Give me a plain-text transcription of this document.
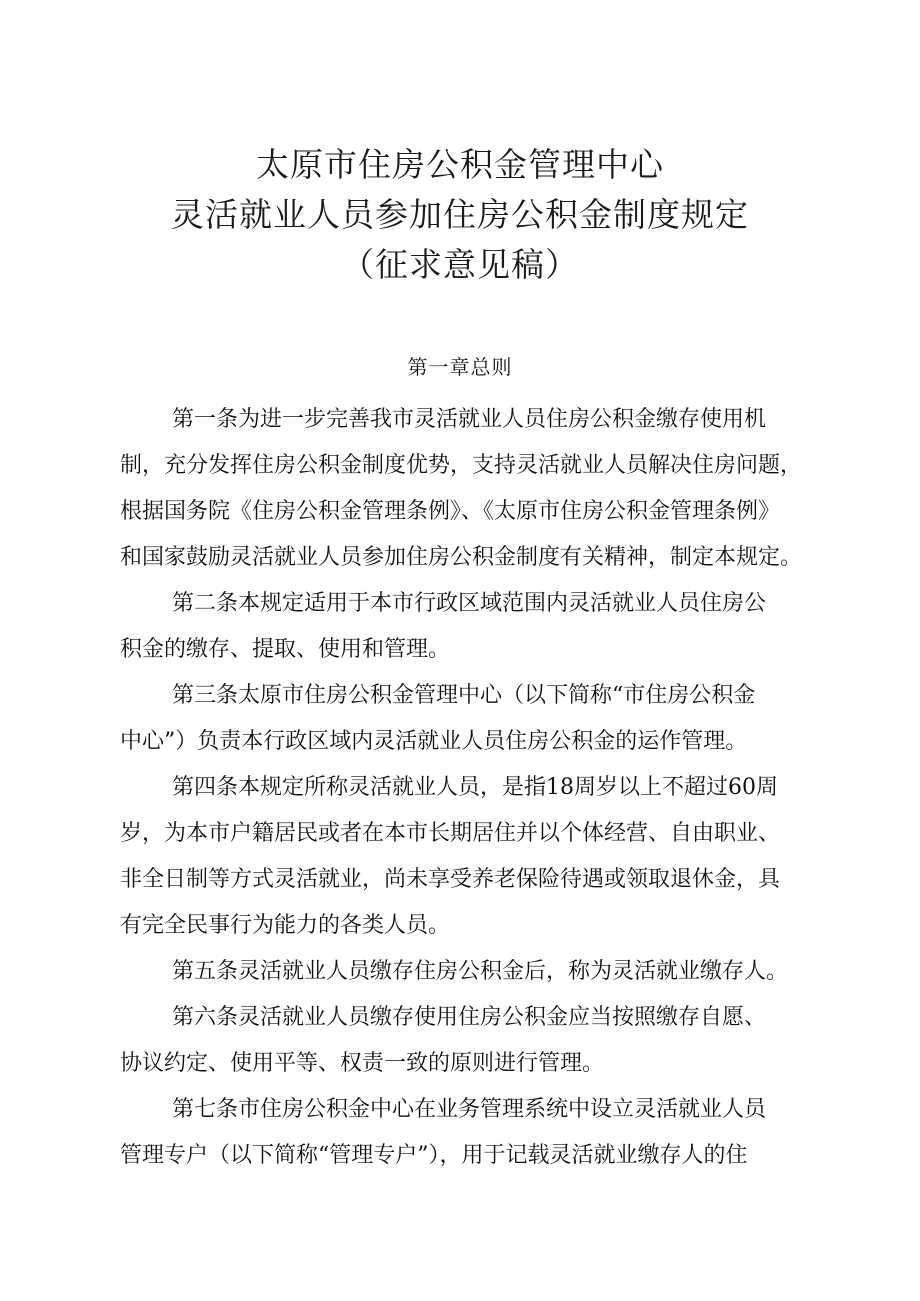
太原市住房公积金管理中心
灵活就业人员参加住房公积金制度规定
（征求意见稿）
第一章总则
第一条为进一步完善我市灵活就业人员住房公积金缴存使用机
制，充分发挥住房公积金制度优势，支持灵活就业人员解决住房问题，
根据国务院《住房公积金管理条例》、《太原市住房公积金管理条例》
和国家鼓励灵活就业人员参加住房公积金制度有关精神，制定本规定。
第二条本规定适用于本市行政区域范围内灵活就业人员住房公
积金的缴存、提取、使用和管理。
第三条太原市住房公积金管理中心（以下简称“市住房公积金
中心”）负责本行政区域内灵活就业人员住房公积金的运作管理。
第四条本规定所称灵活就业人员，是指18周岁以上不超过60周
岁，为本市户籍居民或者在本市长期居住并以个体经营、自由职业、
非全日制等方式灵活就业，尚未享受养老保险待遇或领取退休金，具
有完全民事行为能力的各类人员。
第五条灵活就业人员缴存住房公积金后，称为灵活就业缴存人。
第六条灵活就业人员缴存使用住房公积金应当按照缴存自愿、
协议约定、使用平等、权责一致的原则进行管理。
第七条市住房公积金中心在业务管理系统中设立灵活就业人员
管理专户（以下简称“管理专户”），用于记载灵活就业缴存人的住
